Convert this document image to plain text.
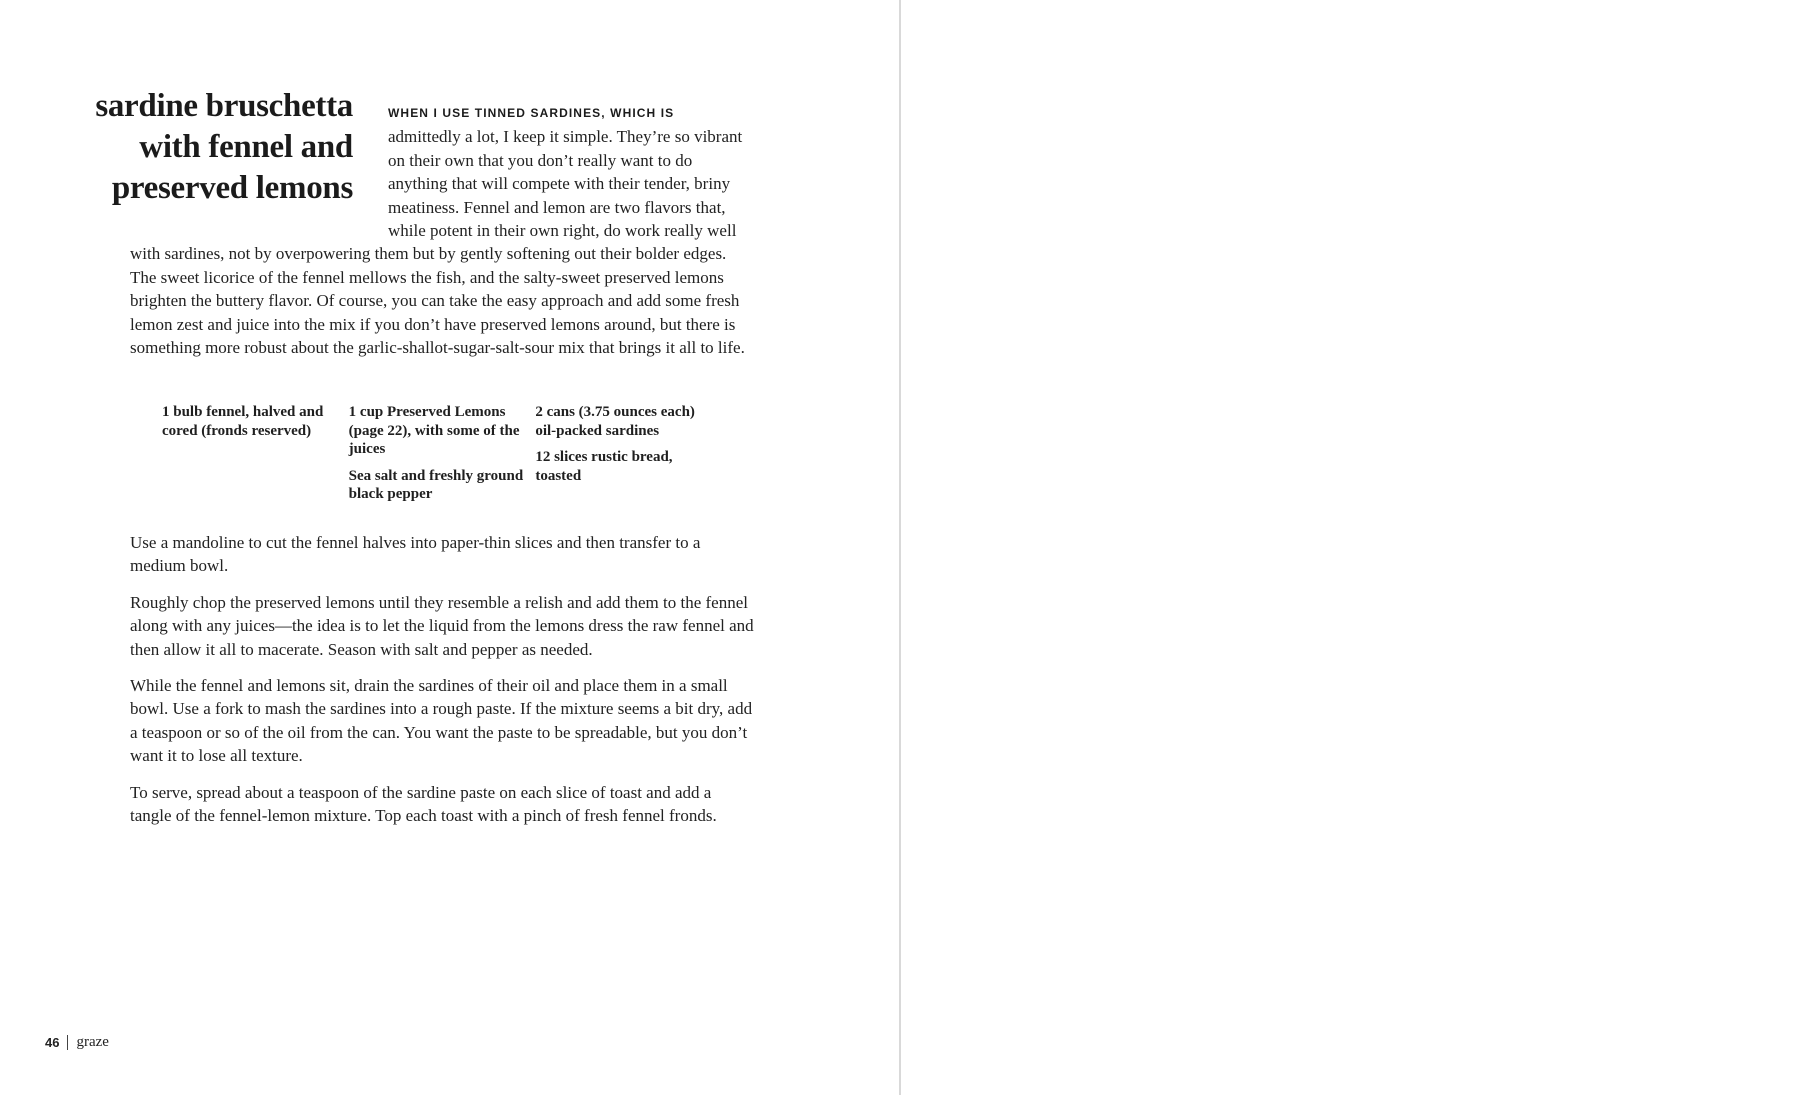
sardine bruschetta
with fennel and
preserved lemons
WHEN I USE TINNED SARDINES, WHICH IS
admittedly a lot, I keep it simple. They’re so vibrant on their own that you don’t really want to do anything that will compete with their tender, briny meatiness. Fennel and lemon are two flavors that, while potent in their own right, do work really well with sardines, not by overpowering them but by gently softening out their bolder edges. The sweet licorice of the fennel mellows the fish, and the salty-sweet preserved lemons brighten the buttery flavor. Of course, you can take the easy approach and add some fresh lemon zest and juice into the mix if you don’t have preserved lemons around, but there is something more robust about the garlic-shallot-sugar-salt-sour mix that brings it all to life.
1 bulb fennel, halved and cored (fronds reserved)
1 cup Preserved Lemons (page 22), with some of the juices
Sea salt and freshly ground black pepper
2 cans (3.75 ounces each) oil-packed sardines
12 slices rustic bread, toasted

Use a mandoline to cut the fennel halves into paper-thin slices and then transfer to a medium bowl.

Roughly chop the preserved lemons until they resemble a relish and add them to the fennel along with any juices—the idea is to let the liquid from the lemons dress the raw fennel and then allow it all to macerate. Season with salt and pepper as needed.

While the fennel and lemons sit, drain the sardines of their oil and place them in a small bowl. Use a fork to mash the sardines into a rough paste. If the mixture seems a bit dry, add a teaspoon or so of the oil from the can. You want the paste to be spreadable, but you don’t want it to lose all texture.

To serve, spread about a teaspoon of the sardine paste on each slice of toast and add a tangle of the fennel-lemon mixture. Top each toast with a pinch of fresh fennel fronds.

46 graze
